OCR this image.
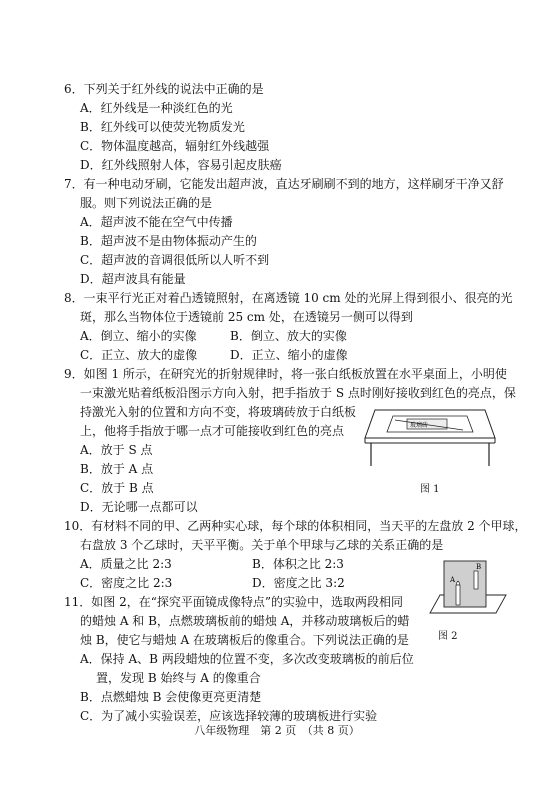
6．下列关于红外线的说法中正确的是
A．红外线是一种淡红色的光
B．红外线可以使荧光物质发光
C．物体温度越高，辐射红外线越强
D．红外线照射人体，容易引起皮肤癌
7．有一种电动牙刷，它能发出超声波，直达牙刷刷不到的地方，这样刷牙干净又舒
服。则下列说法正确的是
A．超声波不能在空气中传播
B．超声波不是由物体振动产生的
C．超声波的音调很低所以人听不到
D．超声波具有能量
8．一束平行光正对着凸透镜照射，在离透镜 10 cm 处的光屏上得到很小、很亮的光
斑，那么当物体位于透镜前 25 cm 处，在透镜另一侧可以得到
A．倒立、缩小的实像	B．倒立、放大的实像
C．正立、放大的虚像	D．正立、缩小的虚像
9．如图 1 所示，在研究光的折射规律时，将一张白纸板放置在水平桌面上，小明使
一束激光贴着纸板沿图示方向入射，把手指放于 S 点时刚好接收到红色的亮点，保
持激光入射的位置和方向不变，将玻璃砖放于白纸板
上，他将手指放于哪一点才可能接收到红色的亮点
A．放于 S 点
B．放于 A 点
C．放于 B 点
D．无论哪一点都可以
玻璃砖
图 1
10．有材料不同的甲、乙两种实心球，每个球的体积相同，当天平的左盘放 2 个甲球，
右盘放 3 个乙球时，天平平衡。关于单个甲球与乙球的关系正确的是
A．质量之比 2:3	B．体积之比 2:3
C．密度之比 2:3	D．密度之比 3:2
11．如图 2，在“探究平面镜成像特点”的实验中，选取两段相同
的蜡烛 A 和 B，点燃玻璃板前的蜡烛 A，并移动玻璃板后的蜡
烛 B，使它与蜡烛 A 在玻璃板后的像重合。下列说法正确的是
A．保持 A、B 两段蜡烛的位置不变，多次改变玻璃板的前后位
置，发现 B 始终与 A 的像重合
B．点燃蜡烛 B 会使像更亮更清楚
C．为了减小实验误差，应该选择较薄的玻璃板进行实验
B
A
图 2
八年级物理　第 2 页　（共 8 页）
